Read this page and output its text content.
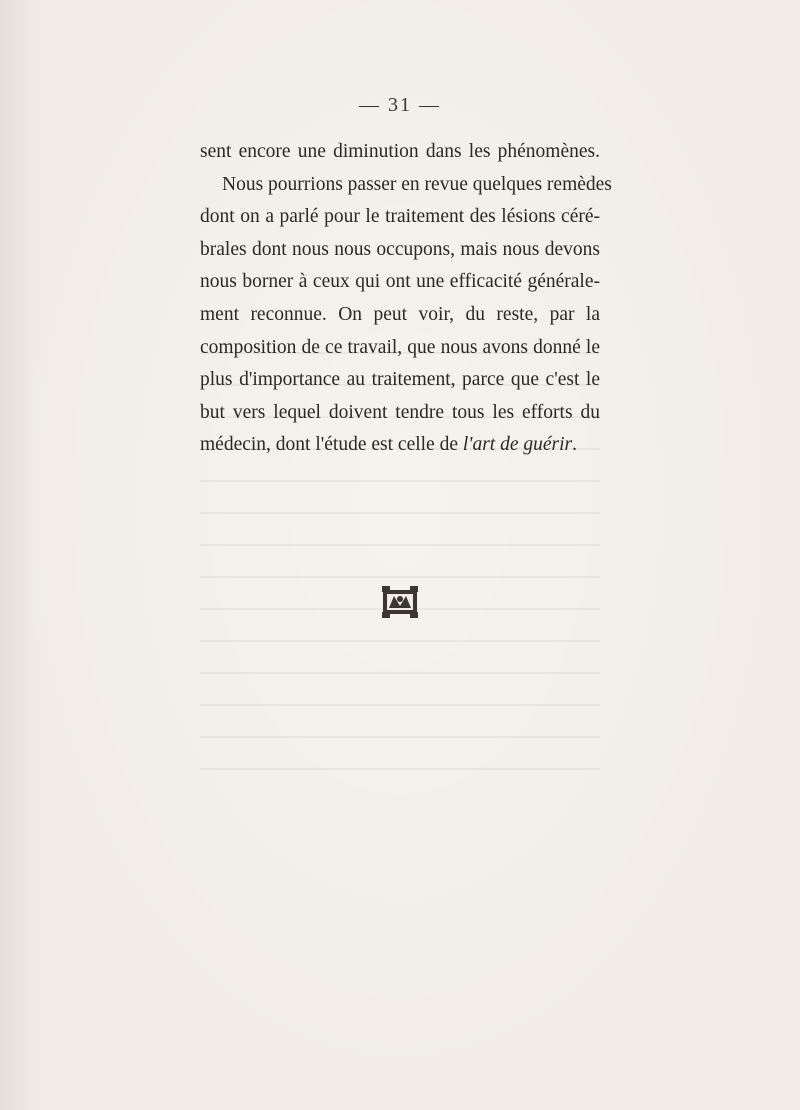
— 31 —
sent encore une diminution dans les phénomènes.
Nous pourrions passer en revue quelques remèdes
dont on a parlé pour le traitement des lésions céré-
brales dont nous nous occupons, mais nous devons
nous borner à ceux qui ont une efficacité générale-
ment reconnue. On peut voir, du reste, par la
composition de ce travail, que nous avons donné le
plus d'importance au traitement, parce que c'est le
but vers lequel doivent tendre tous les efforts du
médecin, dont l'étude est celle de l'art de guérir.
